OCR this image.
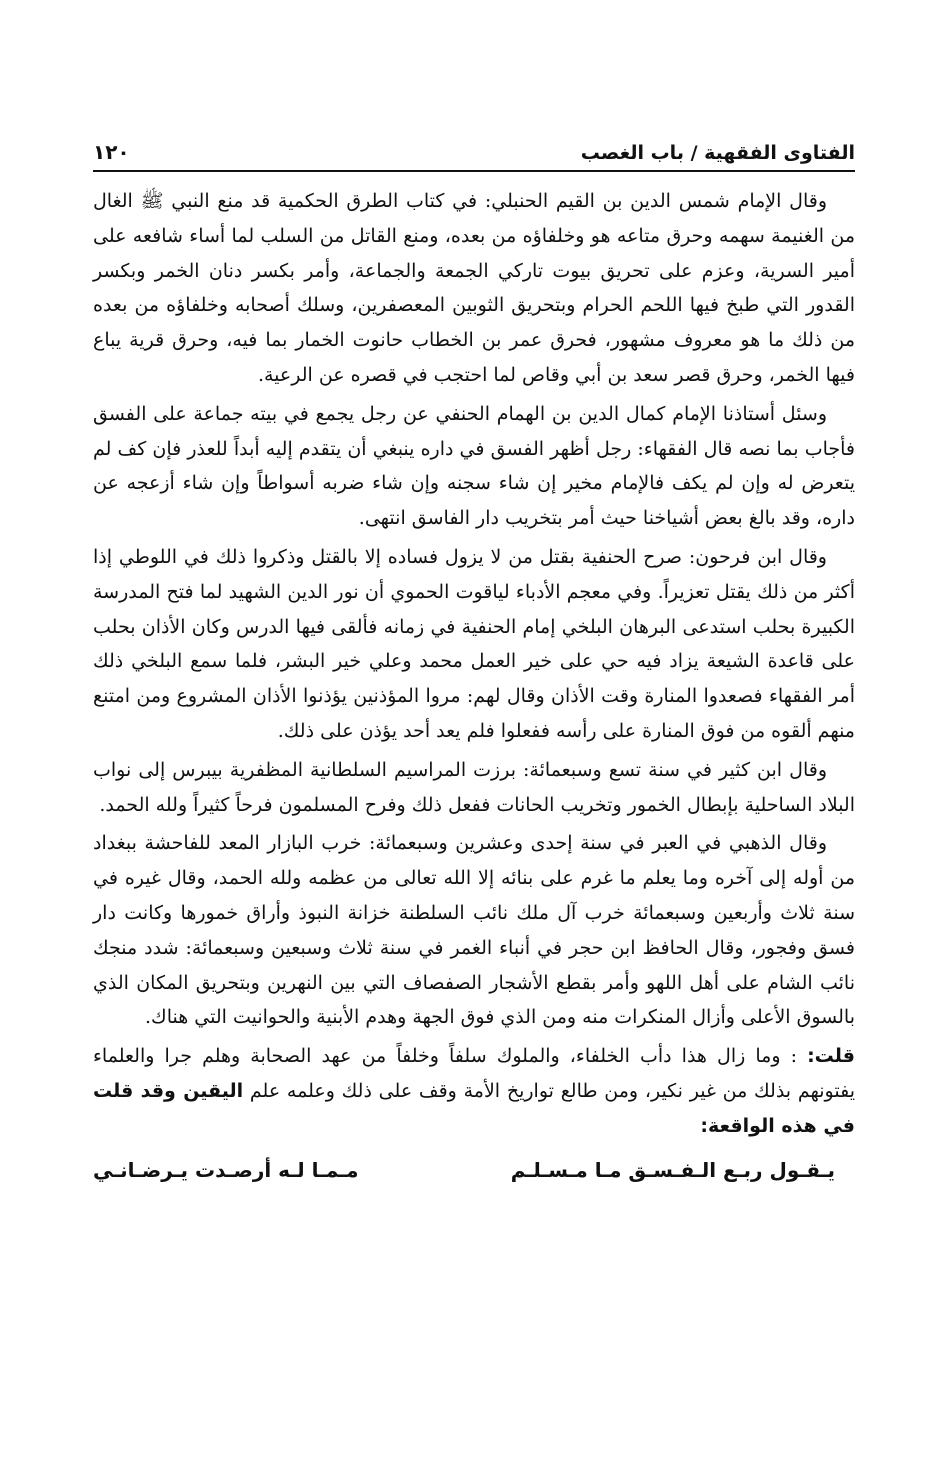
الفتاوى الفقهية / باب الغصب
١٢٠

وقال الإمام شمس الدين بن القيم الحنبلي: في كتاب الطرق الحكمية قد منع النبي ﷺ الغال من الغنيمة سهمه وحرق متاعه هو وخلفاؤه من بعده، ومنع القاتل من السلب لما أساء شافعه على أمير السرية، وعزم على تحريق بيوت تاركي الجمعة والجماعة، وأمر بكسر دنان الخمر وبكسر القدور التي طبخ فيها اللحم الحرام وبتحريق الثوبين المعصفرين، وسلك أصحابه وخلفاؤه من بعده من ذلك ما هو معروف مشهور، فحرق عمر بن الخطاب حانوت الخمار بما فيه، وحرق قرية يباع فيها الخمر، وحرق قصر سعد بن أبي وقاص لما احتجب في قصره عن الرعية.

وسئل أستاذنا الإمام كمال الدين بن الهمام الحنفي عن رجل يجمع في بيته جماعة على الفسق فأجاب بما نصه قال الفقهاء: رجل أظهر الفسق في داره ينبغي أن يتقدم إليه أبداً للعذر فإن كف لم يتعرض له وإن لم يكف فالإمام مخير إن شاء سجنه وإن شاء ضربه أسواطاً وإن شاء أزعجه عن داره، وقد بالغ بعض أشياخنا حيث أمر بتخريب دار الفاسق انتهى.

وقال ابن فرحون: صرح الحنفية بقتل من لا يزول فساده إلا بالقتل وذكروا ذلك في اللوطي إذا أكثر من ذلك يقتل تعزيراً. وفي معجم الأدباء لياقوت الحموي أن نور الدين الشهيد لما فتح المدرسة الكبيرة بحلب استدعى البرهان البلخي إمام الحنفية في زمانه فألقى فيها الدرس وكان الأذان بحلب على قاعدة الشيعة يزاد فيه حي على خير العمل محمد وعلي خير البشر، فلما سمع البلخي ذلك أمر الفقهاء فصعدوا المنارة وقت الأذان وقال لهم: مروا المؤذنين يؤذنوا الأذان المشروع ومن امتنع منهم ألقوه من فوق المنارة على رأسه ففعلوا فلم يعد أحد يؤذن على ذلك.

وقال ابن كثير في سنة تسع وسبعمائة: برزت المراسيم السلطانية المظفرية بيبرس إلى نواب البلاد الساحلية بإبطال الخمور وتخريب الحانات ففعل ذلك وفرح المسلمون فرحاً كثيراً ولله الحمد.

وقال الذهبي في العبر في سنة إحدى وعشرين وسبعمائة: خرب البازار المعد للفاحشة ببغداد من أوله إلى آخره وما يعلم ما غرم على بنائه إلا الله تعالى من عظمه ولله الحمد، وقال غيره في سنة ثلاث وأربعين وسبعمائة خرب آل ملك نائب السلطنة خزانة النبوذ وأراق خمورها وكانت دار فسق وفجور، وقال الحافظ ابن حجر في أنباء الغمر في سنة ثلاث وسبعين وسبعمائة: شدد منجك نائب الشام على أهل اللهو وأمر بقطع الأشجار الصفصاف التي بين النهرين وبتحريق المكان الذي بالسوق الأعلى وأزال المنكرات منه ومن الذي فوق الجهة وهدم الأبنية والحوانيت التي هناك.

قلت: : وما زال هذا دأب الخلفاء، والملوك سلفاً وخلفاً من عهد الصحابة وهلم جرا والعلماء يفتونهم بذلك من غير نكير، ومن طالع تواريخ الأمة وقف على ذلك وعلمه علم اليقين وقد قلت في هذه الواقعة:

يـقـول ربـع الـفـسـق مـا مـسـلـم
مـمـا لـه أرصـدت يـرضـانـي
